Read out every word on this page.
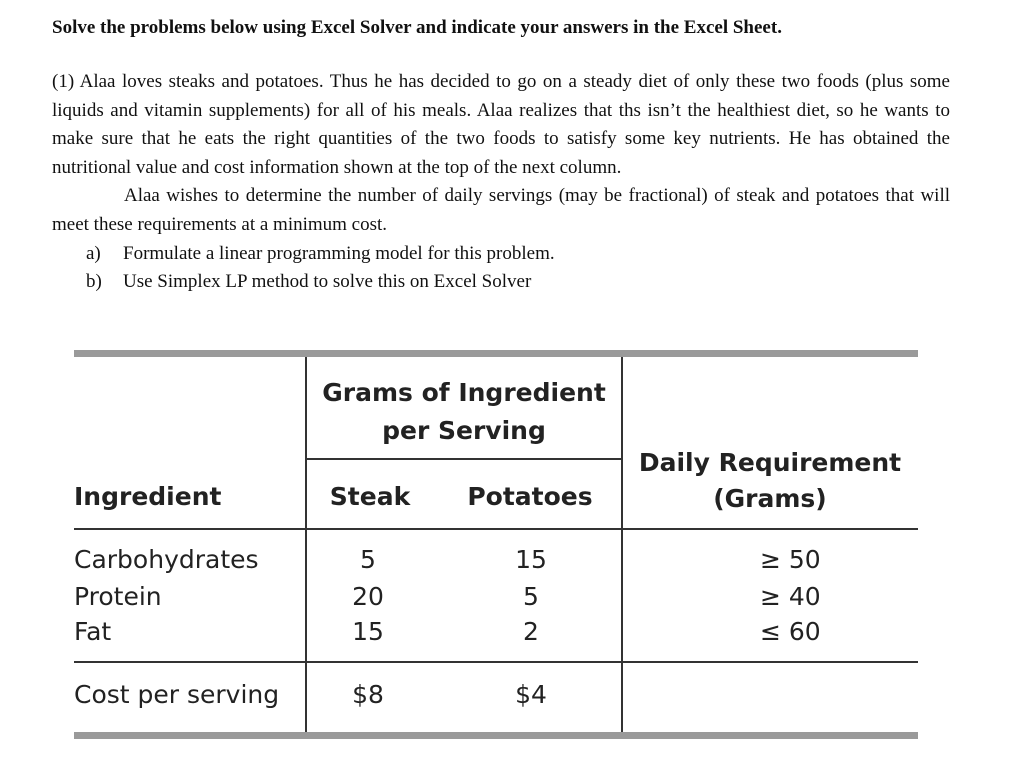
Solve the problems below using Excel Solver and indicate your answers in the Excel Sheet.

(1) Alaa loves steaks and potatoes. Thus he has decided to go on a steady diet of only these two foods (plus some liquids and vitamin supplements) for all of his meals. Alaa realizes that ths isn’t the healthiest diet, so he wants to make sure that he eats the right quantities of the two foods to satisfy some key nutrients. He has obtained the nutritional value and cost information shown at the top of the next column.

Alaa wishes to determine the number of daily servings (may be fractional) of steak and potatoes that will meet these requirements at a minimum cost.

a)	Formulate a linear programming model for this problem.
b)	Use Simplex LP method to solve this on Excel Solver
Grams of Ingredient
per Serving
Daily Requirement
(Grams)
Ingredient	Steak	Potatoes
Carbohydrates	5	15	≥ 50
Protein	20	5	≥ 40
Fat	15	2	≤ 60
Cost per serving	$8	$4
